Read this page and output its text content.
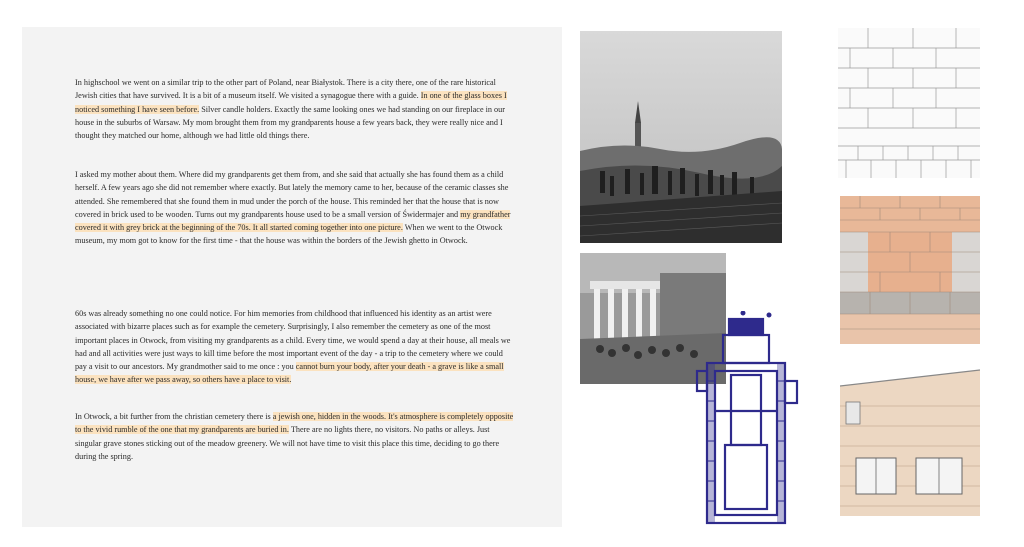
In highschool we went on a similar trip to the other part of Poland, near Białystok. There is a city there, one of the rare historical Jewish cities that have survived. It is a bit of a museum itself. We visited a synagogue there with a guide. In one of the glass boxes I noticed something I have seen before. Silver candle holders. Exactly the same looking ones we had standing on our fireplace in our house in the suburbs of Warsaw. My mom brought them from my grandparents house a few years back, they were really nice and I thought they matched our home, although we had little old things there.

I asked my mother about them. Where did my grandparents get them from, and she said that actually she has found them as a child herself. A few years ago she did not remember where exactly. But lately the memory came to her, because of the ceramic classes she attended. She remembered that she found them in mud under the porch of the house. This reminded her that the house that is now covered in brick used to be wooden. Turns out my grandparents house used to be a small version of Świdermajer and my grandfather covered it with grey brick at the beginning of the 70s. It all started coming together into one picture. When we went to the Otwock museum, my mom got to know for the first time - that the house was within the borders of the Jewish ghetto in Otwock.

60s was already something no one could notice. For him memories from childhood that influenced his identity as an artist were associated with bizarre places such as for example the cemetery. Surprisingly, I also remember the cemetery as one of the most important places in Otwock, from visiting my grandparents as a child. Every time, we would spend a day at their house, all meals we had and all activities were just ways to kill time before the most important event of the day - a trip to the cemetery where we could pay a visit to our ancestors. My grandmother said to me once : you cannot burn your body, after your death - a grave is like a small house, we have after we pass away, so others have a place to visit.

In Otwock, a bit further from the christian cemetery there is a jewish one, hidden in the woods. It's atmosphere is completely opposite to the vivid rumble of the one that my grandparents are buried in. There are no lights there, no visitors. No paths or alleys. Just singular grave stones sticking out of the meadow greenery. We will not have time to visit this place this time, deciding to go there during the spring.
